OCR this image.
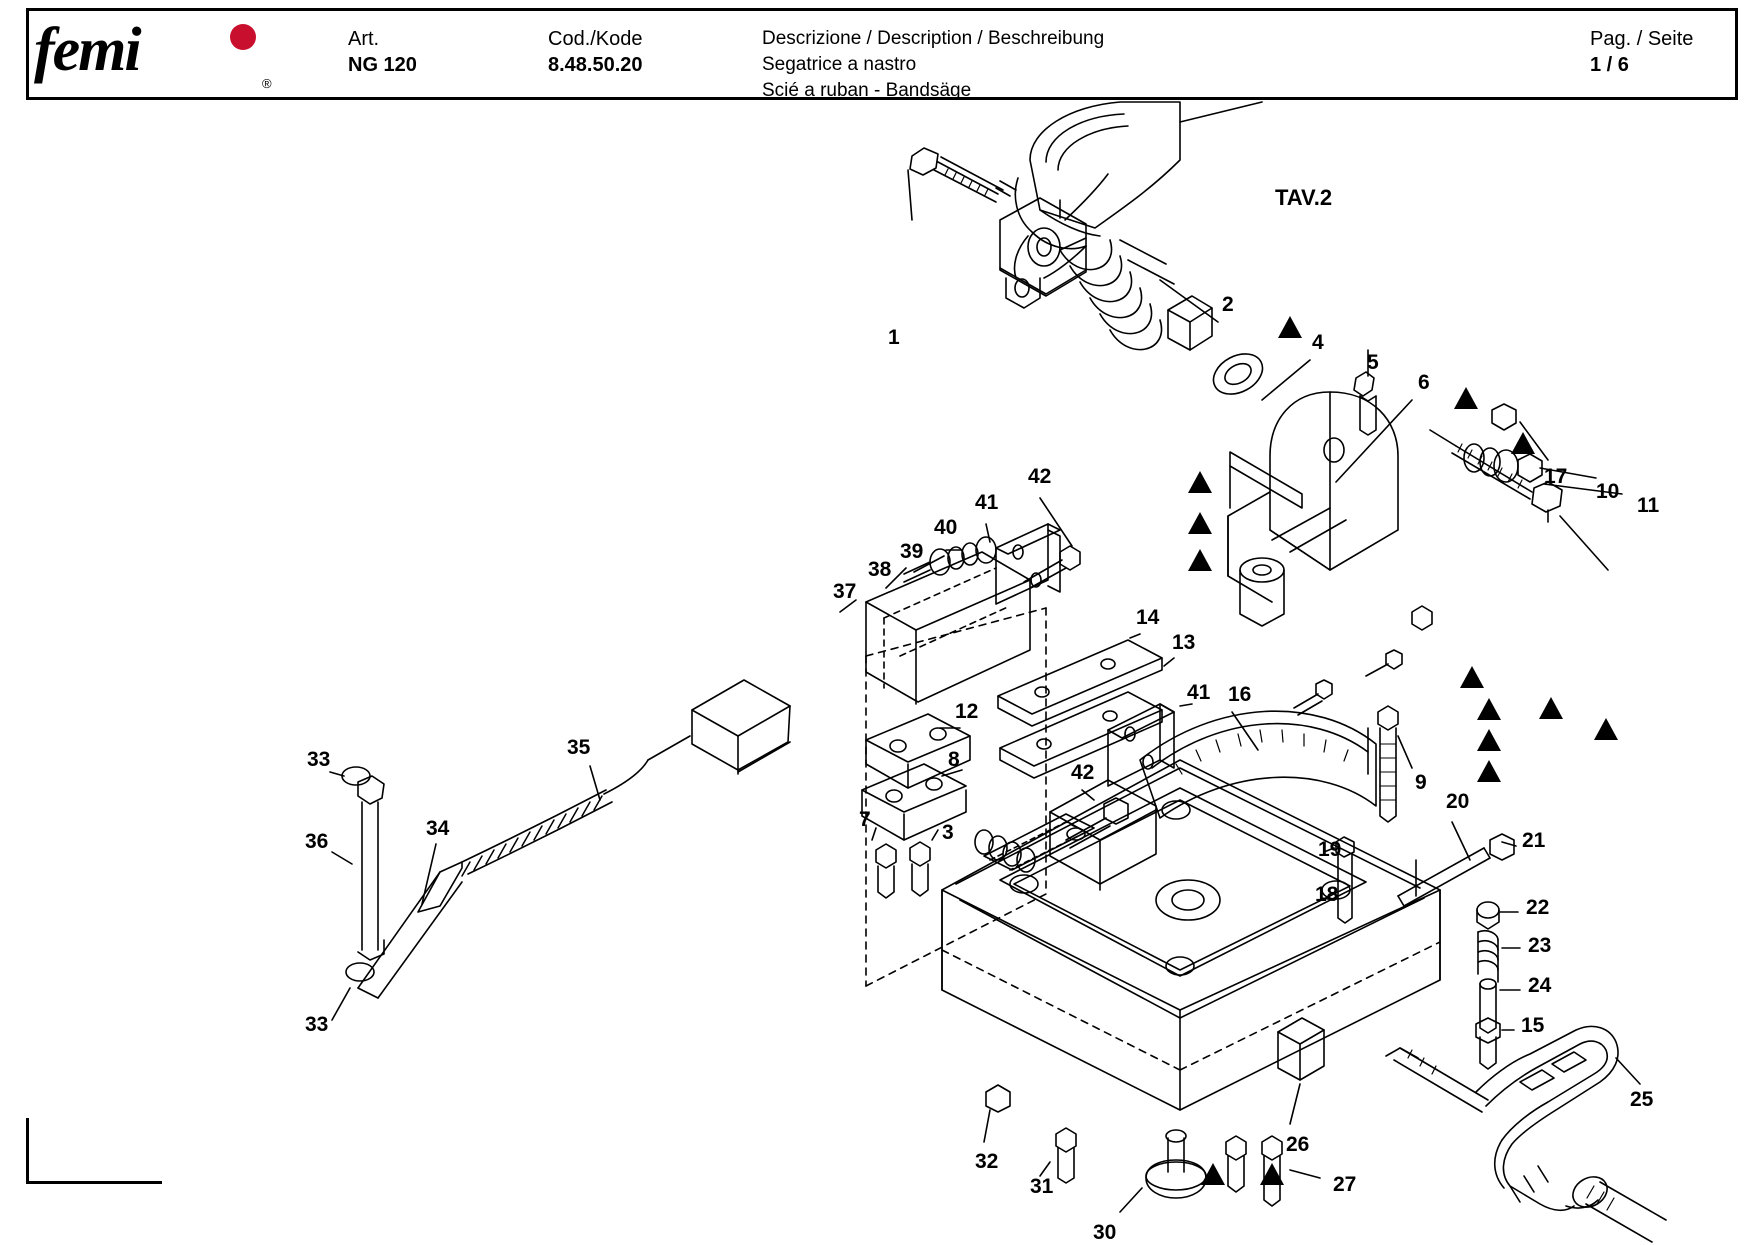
femi	®
Art.
NG 120
Cod./Kode
8.48.50.20
Descrizione / Description / Beschreibung
Segatrice a nastro
Scié a ruban - Bandsäge
Pag. / Seite
1 / 6
TAV.2
1
2
4
5
6
17
10
11
42
41
40
39
38
37
14
13
41 16
12
8
7
3
9
42
20
21
19
18
22
23
24
15
33
36
34
35
33
32
31
30
26
27
25
